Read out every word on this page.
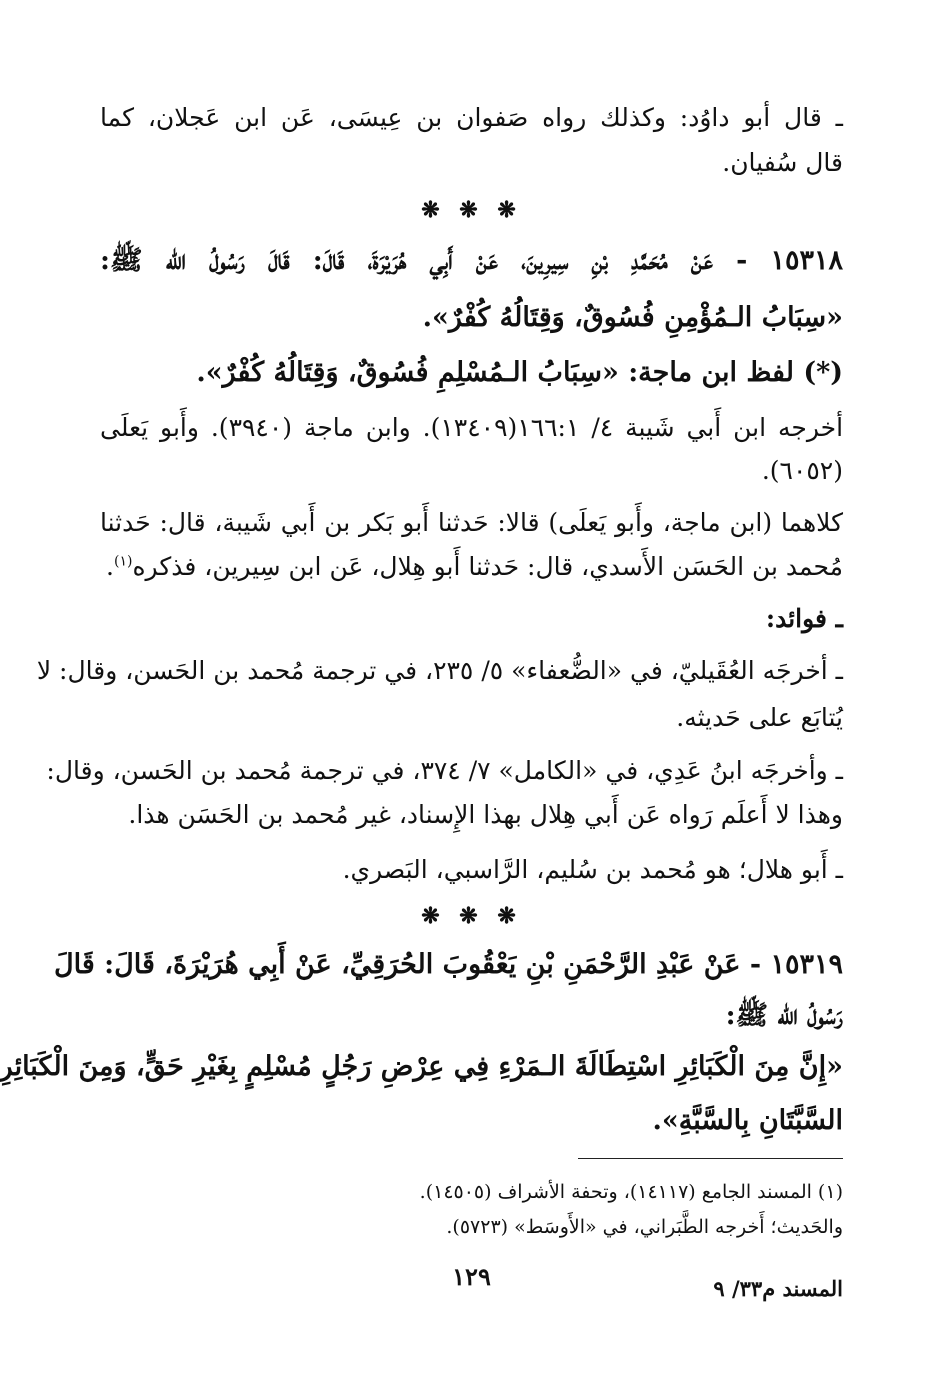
ـ قال أبو داوُد: وكذلك رواه صَفوان بن عِيسَى، عَن ابن عَجلان، كما
قال سُفيان.
❋ ❋ ❋
١٥٣١٨ - عَنْ مُحَمَّدِ بْنِ سِيرِينَ، عَنْ أَبِي هُرَيْرَةَ، قَالَ: قَالَ رَسُولُ الله ﷺ:
«سِبَابُ الـمُؤْمِنِ فُسُوقٌ، وَقِتَالُهُ كُفْرٌ».
(*) لفظ ابن ماجة: «سِبَابُ الـمُسْلِمِ فُسُوقٌ، وَقِتَالُهُ كُفْرٌ».
أخرجه ابن أَبي شَيبة ٤/ ١٦٦:١(١٣٤٠٩). وابن ماجة (٣٩٤٠). وأَبو يَعلَى
(٦٠٥٢).
كلاهما (ابن ماجة، وأَبو يَعلَى) قالا: حَدثنا أَبو بَكر بن أَبي شَيبة، قال: حَدثنا
مُحمد بن الحَسَن الأَسدي، قال: حَدثنا أَبو هِلال، عَن ابن سِيرين، فذكره$^{(١)}$.
ـ فوائد:
ـ أخرجَه العُقَيليّ، في «الضُّعفاء» ٥/ ٢٣٥، في ترجمة مُحمد بن الحَسن، وقال: لا
يُتابَع على حَديثه.
ـ وأخرجَه ابنُ عَدِي، في «الكامل» ٧/ ٣٧٤، في ترجمة مُحمد بن الحَسن، وقال:
وهذا لا أَعلَم رَواه عَن أَبي هِلال بهذا الإِسناد، غير مُحمد بن الحَسَن هذا.
ـ أَبو هلال؛ هو مُحمد بن سُليم، الرَّاسبي، البَصري.
❋ ❋ ❋
١٥٣١٩ - عَنْ عَبْدِ الرَّحْمَنِ بْنِ يَعْقُوبَ الحُرَقِيِّ، عَنْ أَبِي هُرَيْرَةَ، قَالَ: قَالَ
رَسُولُ الله ﷺ:
«إِنَّ مِنَ الْكَبَائِرِ اسْتِطَالَةَ الـمَرْءِ فِي عِرْضِ رَجُلٍ مُسْلِمٍ بِغَيْرِ حَقٍّ، وَمِنَ الْكَبَائِرِ
السَّبَّتَانِ بِالسَّبَّةِ».
(١) المسند الجامع (١٤١١٧)، وتحفة الأشراف (١٤٥٠٥).
والحَديث؛ أَخرجه الطَّبَراني، في «الأَوسَط» (٥٧٢٣).
١٢٩	المسند م٣٣/ ٩
